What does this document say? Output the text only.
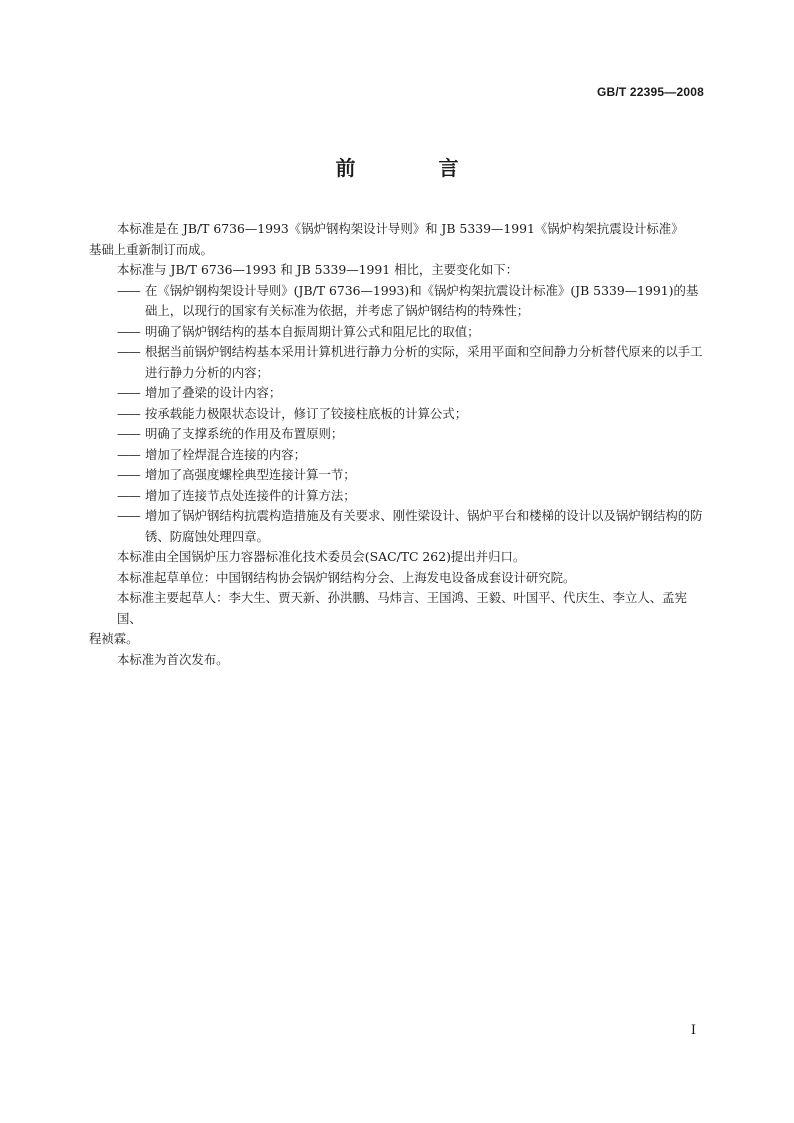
GB/T 22395—2008
前 言

本标准是在 JB/T 6736—1993《锅炉钢构架设计导则》和 JB 5339—1991《锅炉构架抗震设计标准》
基础上重新制订而成。

本标准与 JB/T 6736—1993 和 JB 5339—1991 相比，主要变化如下：

—— 在《锅炉钢构架设计导则》(JB/T 6736—1993)和《锅炉构架抗震设计标准》(JB 5339—1991)的基础上，以现行的国家有关标准为依据，并考虑了锅炉钢结构的特殊性；

—— 明确了锅炉钢结构的基本自振周期计算公式和阻尼比的取值；

—— 根据当前锅炉钢结构基本采用计算机进行静力分析的实际，采用平面和空间静力分析替代原来的以手工进行静力分析的内容；

—— 增加了叠梁的设计内容；

—— 按承载能力极限状态设计，修订了铰接柱底板的计算公式；

—— 明确了支撑系统的作用及布置原则；

—— 增加了栓焊混合连接的内容；

—— 增加了高强度螺栓典型连接计算一节；

—— 增加了连接节点处连接件的计算方法；

—— 增加了锅炉钢结构抗震构造措施及有关要求、刚性梁设计、锅炉平台和楼梯的设计以及锅炉钢结构的防锈、防腐蚀处理四章。

本标准由全国锅炉压力容器标准化技术委员会(SAC/TC 262)提出并归口。

本标准起草单位：中国钢结构协会锅炉钢结构分会、上海发电设备成套设计研究院。

本标准主要起草人：李大生、贾天新、孙洪鹏、马炜言、王国鸿、王毅、叶国平、代庆生、李立人、孟宪国、
程祯霖。

本标准为首次发布。

I
